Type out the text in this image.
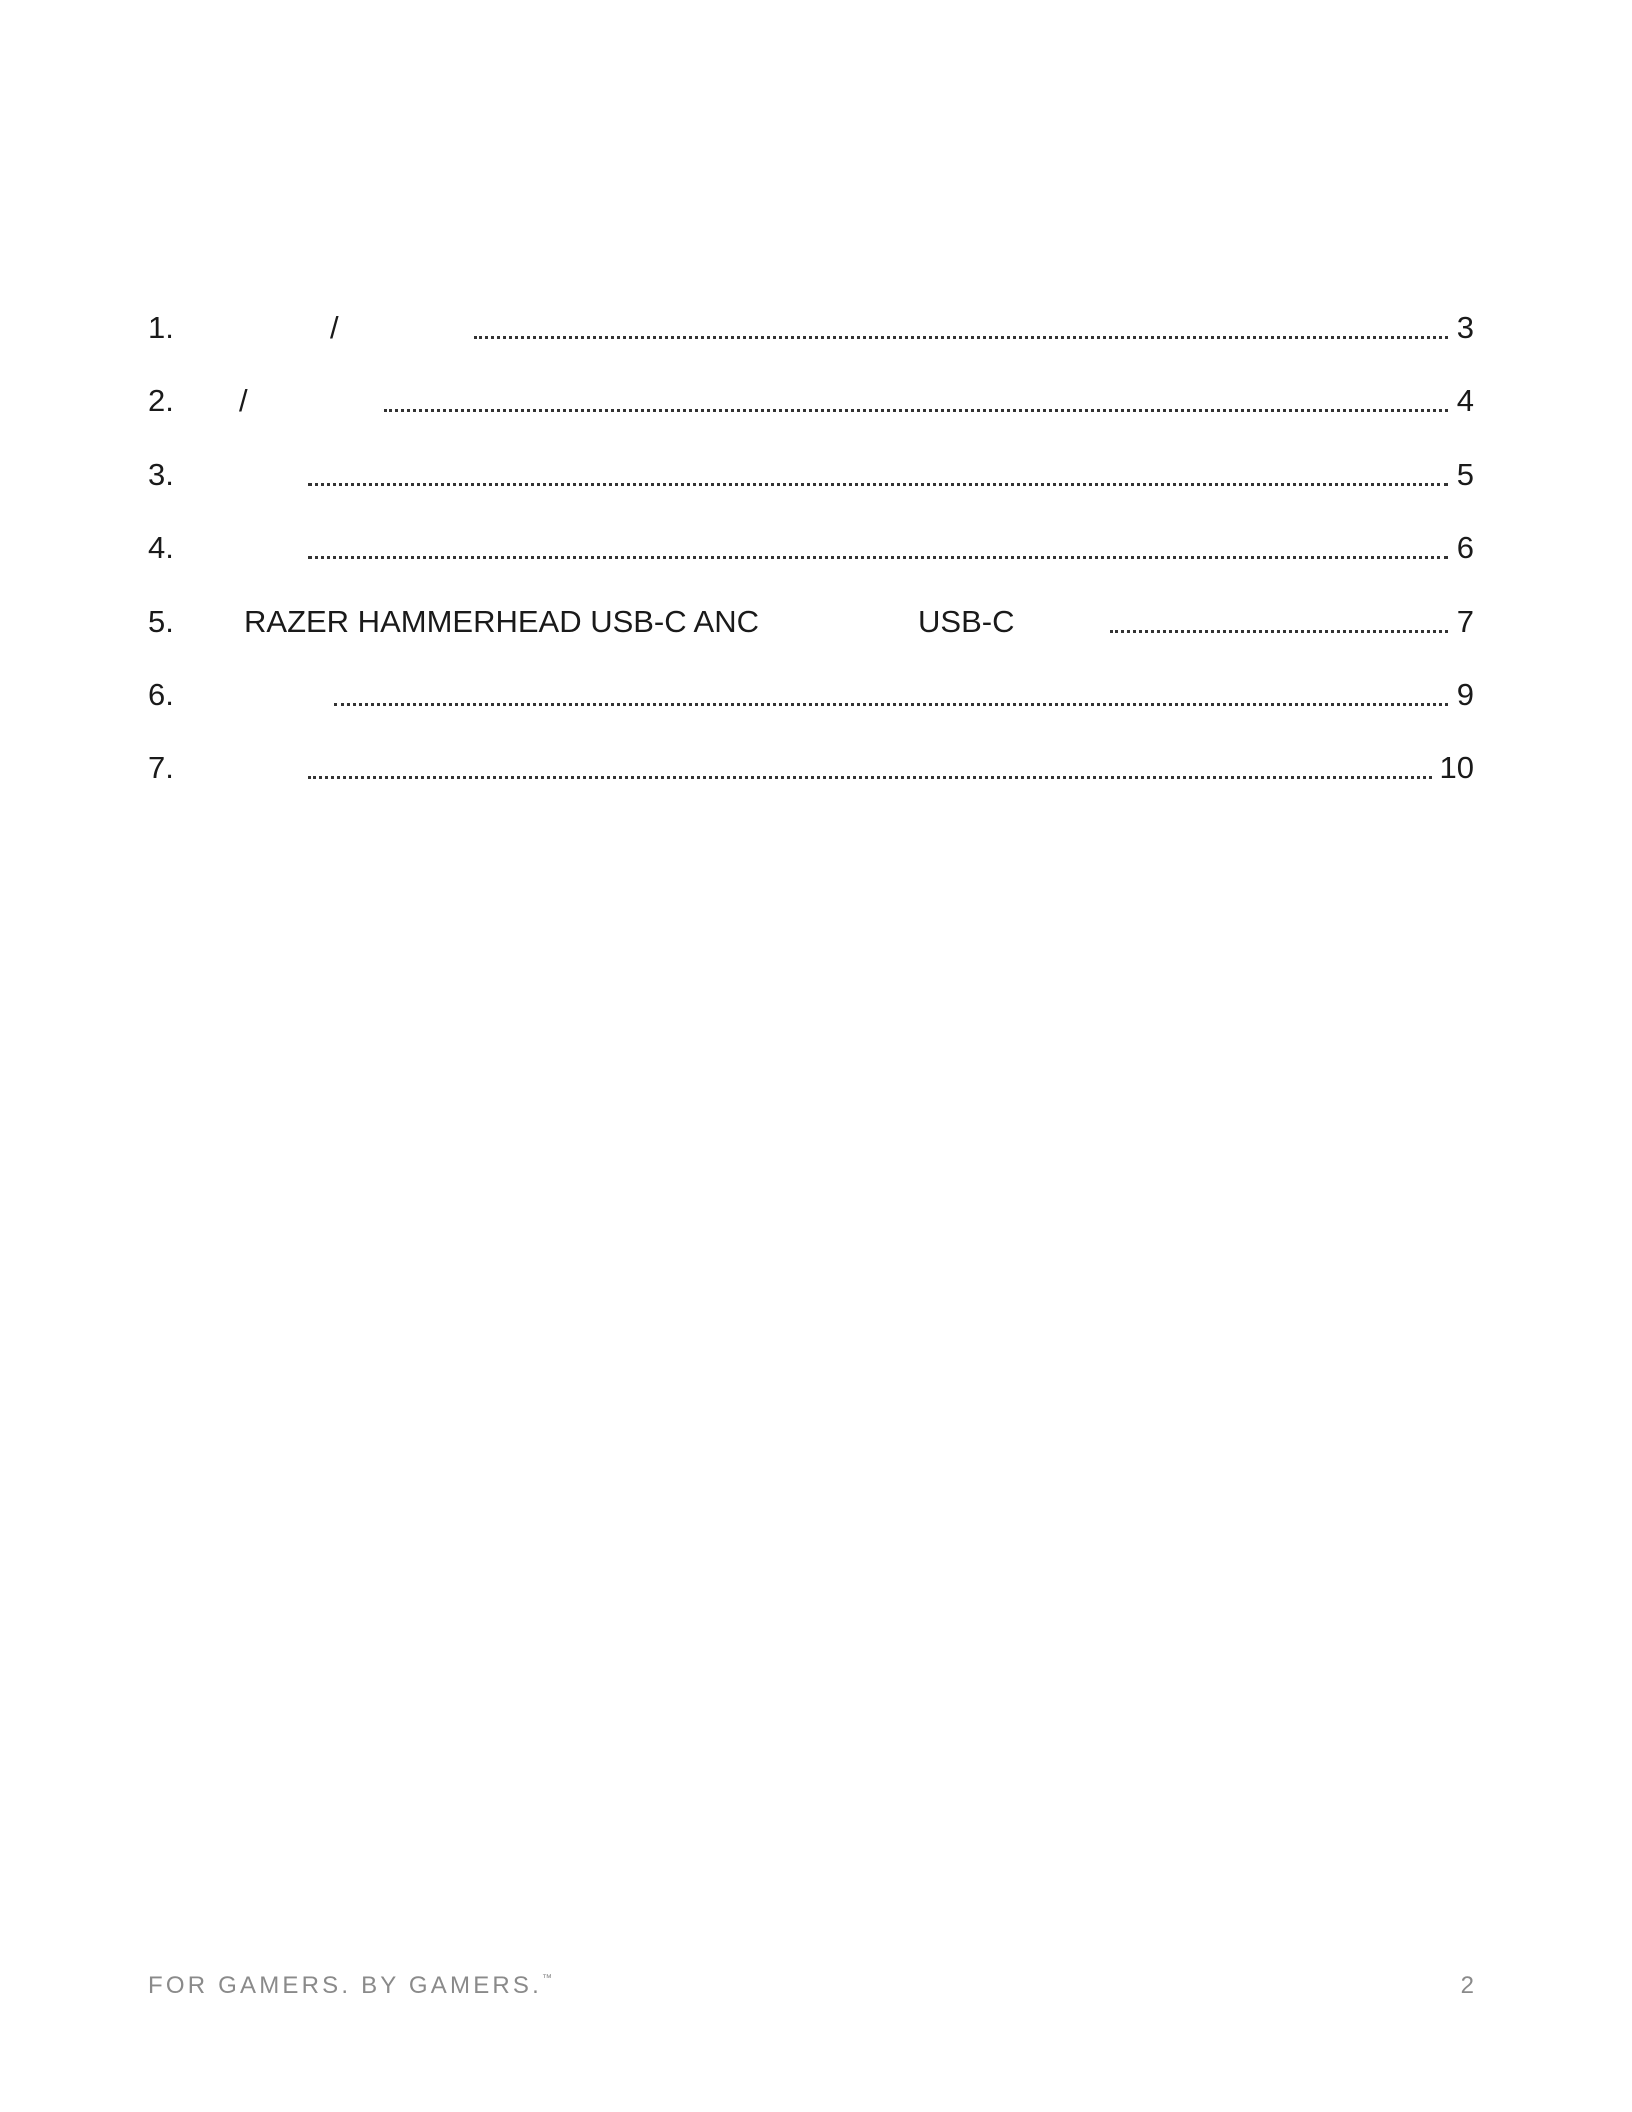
1.	/	3
2.	/	4
3.	5
4.	6
5.	RAZER HAMMERHEAD USB-C ANC	USB-C	7
6.	9
7.	10
FOR GAMERS. BY GAMERS.™	2
